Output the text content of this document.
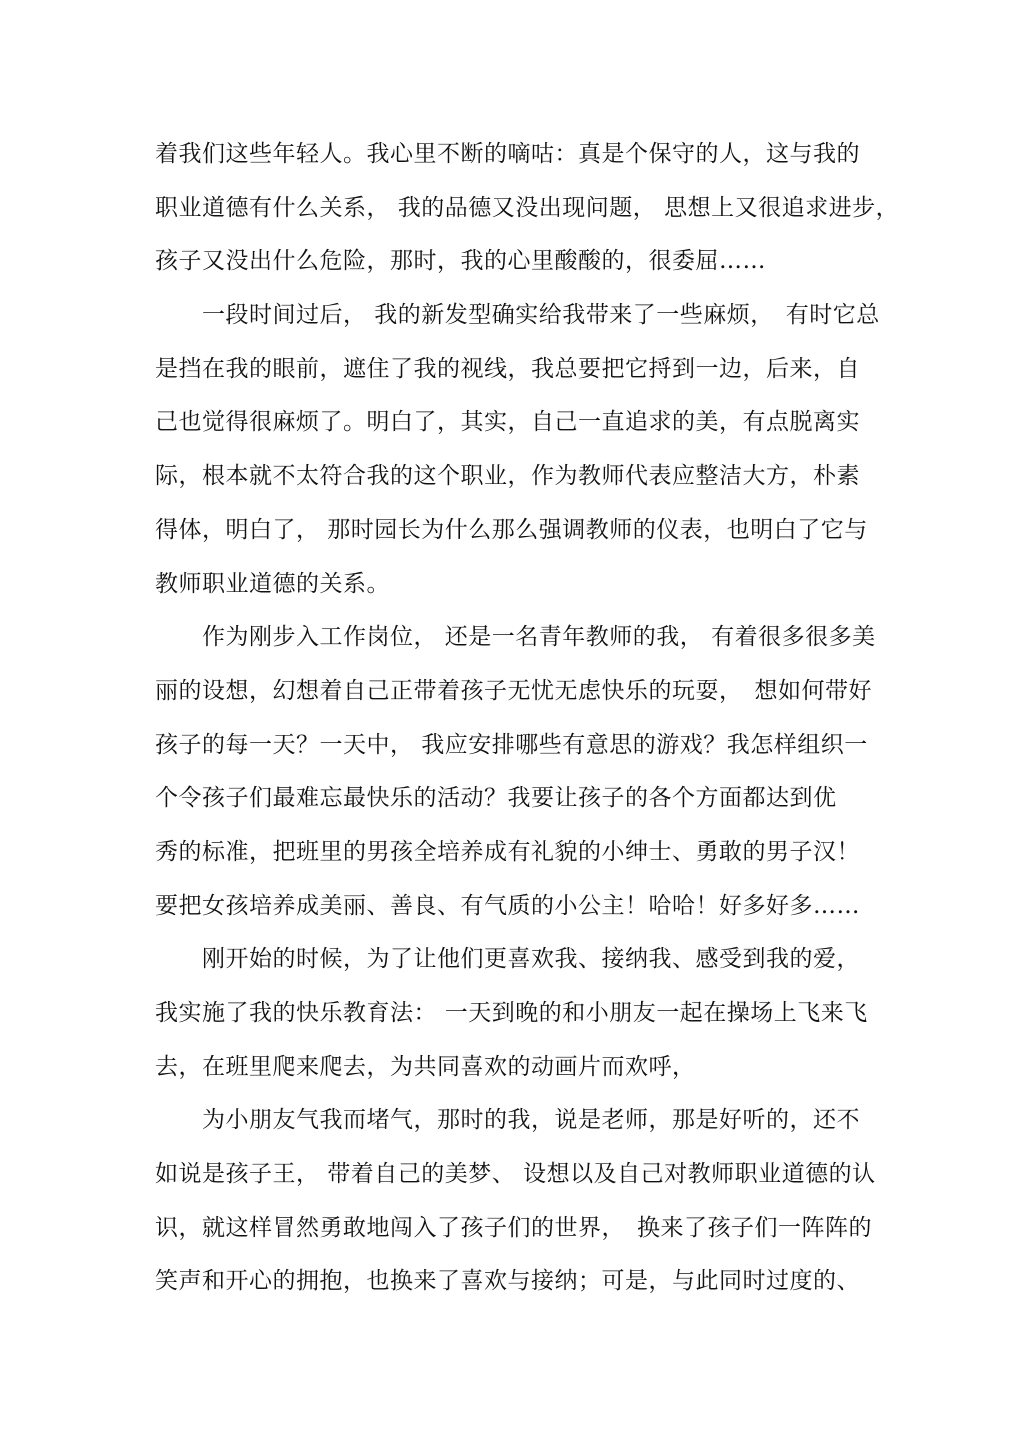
着我们这些年轻人。我心里不断的嘀咕：真是个保守的人，这与我的
职业道德有什么关系， 我的品德又没出现问题， 思想上又很追求进步，
孩子又没出什么危险，那时，我的心里酸酸的，很委屈……
一段时间过后， 我的新发型确实给我带来了一些麻烦，　有时它总
是挡在我的眼前，遮住了我的视线，我总要把它捋到一边，后来，自
己也觉得很麻烦了。明白了，其实，自己一直追求的美，有点脱离实
际，根本就不太符合我的这个职业，作为教师代表应整洁大方，朴素
得体，明白了， 那时园长为什么那么强调教师的仪表，也明白了它与
教师职业道德的关系。
作为刚步入工作岗位， 还是一名青年教师的我， 有着很多很多美
丽的设想，幻想着自己正带着孩子无忧无虑快乐的玩耍，　想如何带好
孩子的每一天？一天中， 我应安排哪些有意思的游戏？我怎样组织一
个令孩子们最难忘最快乐的活动？我要让孩子的各个方面都达到优
秀的标准，把班里的男孩全培养成有礼貌的小绅士、勇敢的男子汉！
要把女孩培养成美丽、善良、有气质的小公主！哈哈！好多好多……
刚开始的时候，为了让他们更喜欢我、接纳我、感受到我的爱，
我实施了我的快乐教育法： 一天到晚的和小朋友一起在操场上飞来飞
去，在班里爬来爬去，为共同喜欢的动画片而欢呼，
为小朋友气我而堵气，那时的我，说是老师，那是好听的，还不
如说是孩子王， 带着自己的美梦、 设想以及自己对教师职业道德的认
识，就这样冒然勇敢地闯入了孩子们的世界，　换来了孩子们一阵阵的
笑声和开心的拥抱，也换来了喜欢与接纳；可是，与此同时过度的、
